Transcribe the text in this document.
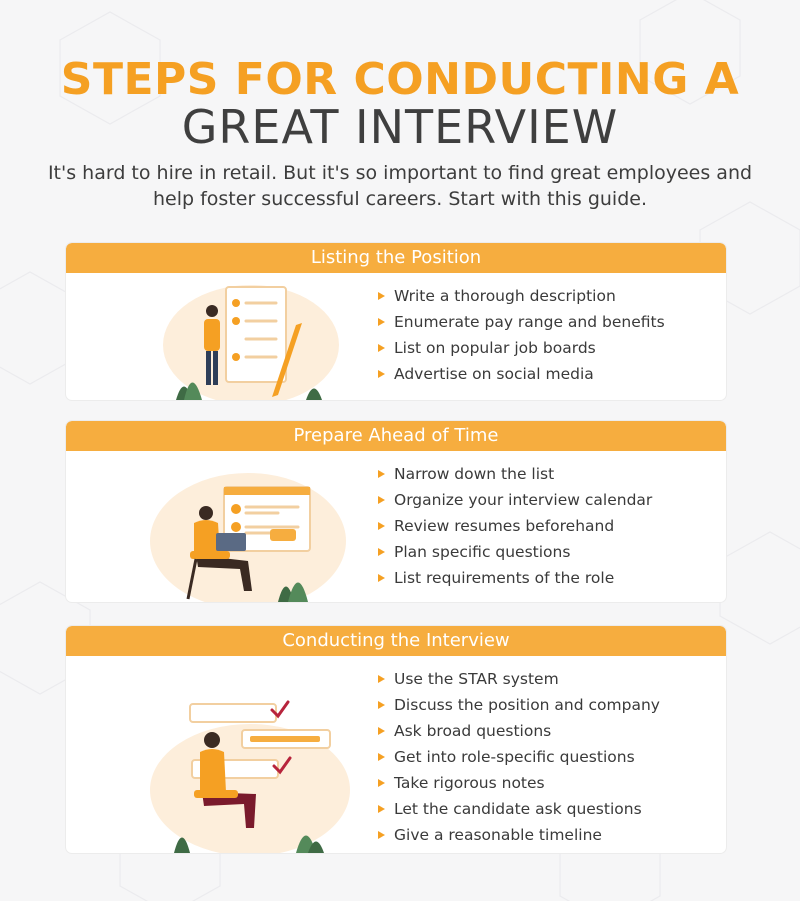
STEPS FOR CONDUCTING A
GREAT INTERVIEW
It's hard to hire in retail. But it's so important to find great employees and help foster successful careers. Start with this guide.
Listing the Position
Write a thorough description
Enumerate pay range and benefits
List on popular job boards
Advertise on social media
Prepare Ahead of Time
Narrow down the list
Organize your interview calendar
Review resumes beforehand
Plan specific questions
List requirements of the role
Conducting the Interview
Use the STAR system
Discuss the position and company
Ask broad questions
Get into role-specific questions
Take rigorous notes
Let the candidate ask questions
Give a reasonable timeline
